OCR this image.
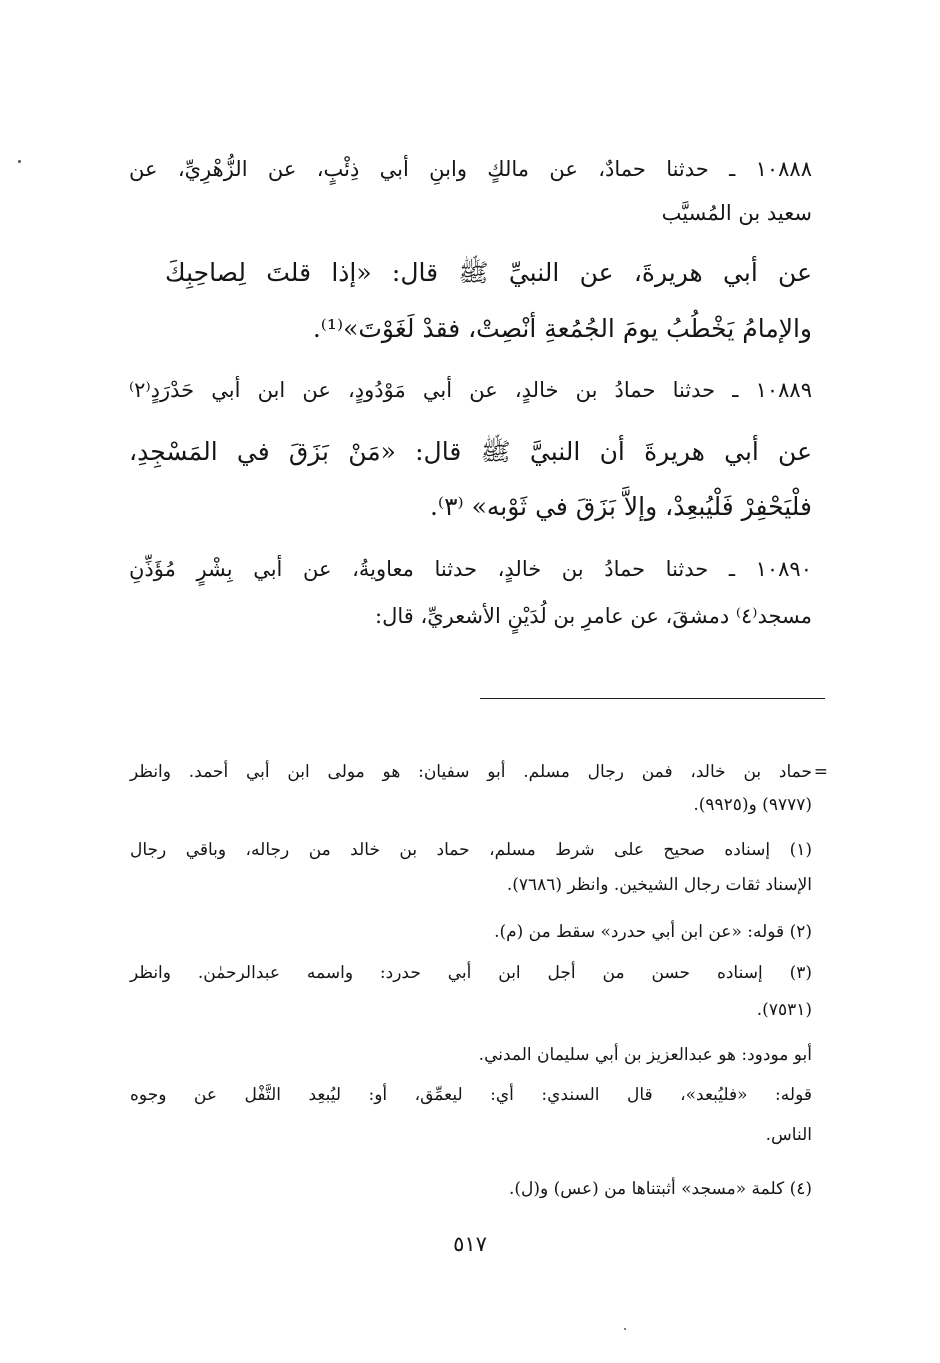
١٠٨٨٨ ـ حدثنا حمادٌ، عن مالكٍ وابنِ أبي ذِئْبٍ، عن الزُّهْرِيِّ، عن
سعيد بن المُسيَّب
عن أبي هريرةَ، عن النبيِّ ﷺ قال: «إذا قلتَ لِصاحِبِكَ
والإمامُ يَخْطُبُ يومَ الجُمُعةِ أنْصِتْ، فقدْ لَغَوْتَ»⁽¹⁾.
١٠٨٨٩ ـ حدثنا حمادُ بن خالدٍ، عن أبي مَوْدُودٍ، عن ابن أبي حَدْرَدٍ⁽٢⁾
عن أبي هريرةَ أن النبيَّ ﷺ قال: «مَنْ بَزَقَ في المَسْجِدِ،
فلْيَحْفِرْ فَلْيُبعِدْ، وإلاَّ بَزَقَ في ثَوْبه» ⁽٣⁾.
١٠٨٩٠ ـ حدثنا حمادُ بن خالدٍ، حدثنا معاويةُ، عن أبي بِشْرٍ مُؤَذِّنِ
مسجد⁽٤⁾ دمشقَ، عن عامرِ بن لُدَيْنٍ الأشعريِّ، قال:
=
حماد بن خالد، فمن رجال مسلم. أبو سفيان: هو مولى ابن أبي أحمد. وانظر
(٩٧٧٧) و(٩٩٢٥).
(١) إسناده صحيح على شرط مسلم، حماد بن خالد من رجاله، وباقي رجال
الإسناد ثقات رجال الشيخين. وانظر (٧٦٨٦).
(٢) قوله: «عن ابن أبي حدرد» سقط من (م).
(٣) إسناده حسن من أجل ابن أبي حدرد: واسمه عبدالرحمٰن. وانظر
(٧٥٣١).
أبو مودود: هو عبدالعزيز بن أبي سليمان المدني.
قوله: «فليُبعد»، قال السندي: أي: ليعمِّق، أو: ليُبعِد التَّفْل عن وجوه
الناس.
(٤) كلمة «مسجد» أثبتناها من (عس) و(ل).
٥١٧
